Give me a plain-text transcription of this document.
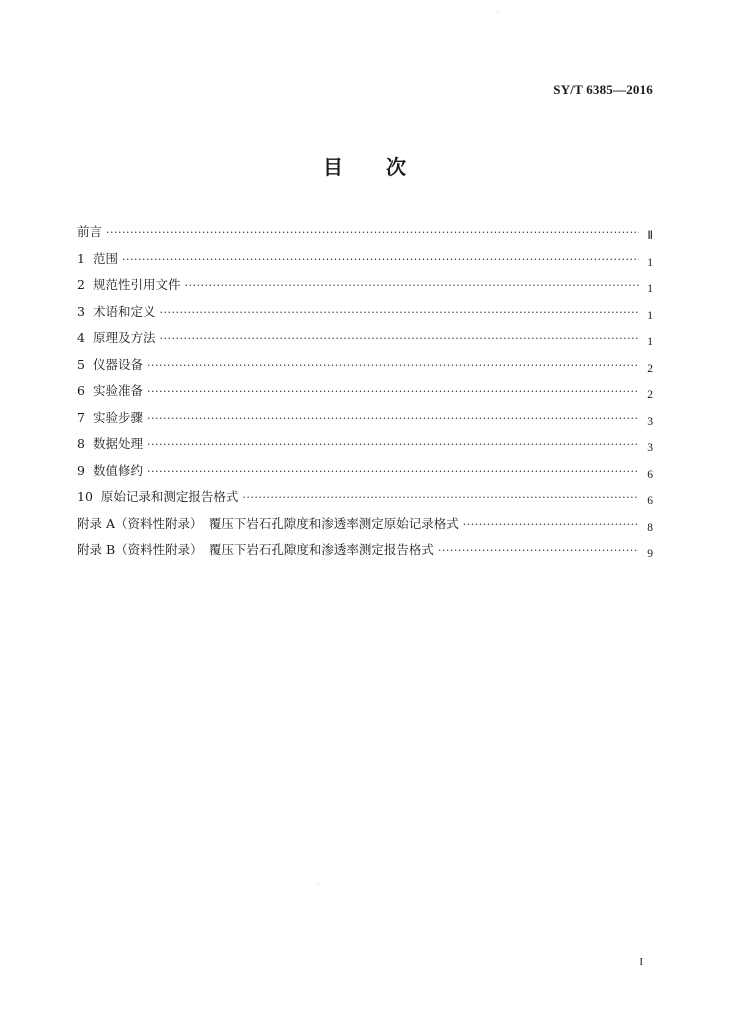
SY/T 6385—2016
目 次
前言 ·····	Ⅱ
1 范围 ·····	1
2 规范性引用文件 ·····	1
3 术语和定义 ·····	1
4 原理及方法 ·····	1
5 仪器设备 ·····	2
6 实验准备 ·····	2
7 实验步骤 ·····	3
8 数据处理 ·····	3
9 数值修约 ·····	6
10 原始记录和测定报告格式 ·····	6
附录 A （资料性附录）　覆压下岩石孔隙度和渗透率测定原始记录格式 ·····	8
附录 B （资料性附录）　覆压下岩石孔隙度和渗透率测定报告格式 ·····	9
I
